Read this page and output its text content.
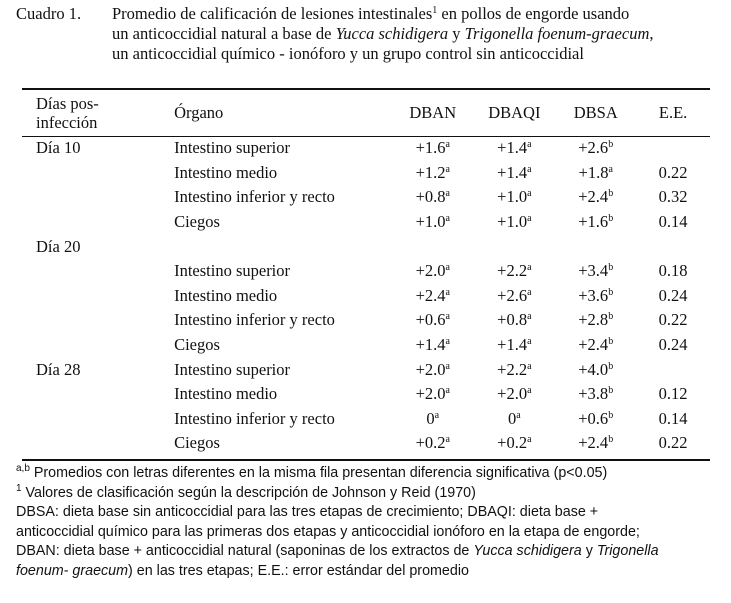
Cuadro 1.	Promedio de calificación de lesiones intestinales$^1$ en pollos de engorde usando
un anticoccidial natural a base de Yucca schidigera y Trigonella foenum-graecum,
un anticoccidial químico - ionóforo y un grupo control sin anticoccidial
Días pos-
infección	Órgano	DBAN	DBAQI	DBSA	E.E.
Día 10	Intestino superior	+1.6$^a$	+1.4$^a$	+2.6$^b$	
	Intestino medio	+1.2$^a$	+1.4$^a$	+1.8$^a$	0.22
	Intestino inferior y recto	+0.8$^a$	+1.0$^a$	+2.4$^b$	0.32
	Ciegos	+1.0$^a$	+1.0$^a$	+1.6$^b$	0.14
Día 20					
	Intestino superior	+2.0$^a$	+2.2$^a$	+3.4$^b$	0.18
	Intestino medio	+2.4$^a$	+2.6$^a$	+3.6$^b$	0.24
	Intestino inferior y recto	+0.6$^a$	+0.8$^a$	+2.8$^b$	0.22
	Ciegos	+1.4$^a$	+1.4$^a$	+2.4$^b$	0.24
Día 28	Intestino superior	+2.0$^a$	+2.2$^a$	+4.0$^b$	
	Intestino medio	+2.0$^a$	+2.0$^a$	+3.8$^b$	0.12
	Intestino inferior y recto	0$^a$	$0^a$	+0.6$^b$	0.14
	Ciegos	+0.2$^a$	+0.2$^a$	+2.4$^b$	0.22

$^{a,b}$ Promedios con letras diferentes en la misma fila presentan diferencia significativa (p<0.05)

$^1$ Valores de clasificación según la descripción de Johnson y Reid (1970)

DBSA: dieta base sin anticoccidial para las tres etapas de crecimiento; DBAQI: dieta base +
anticoccidial químico para las primeras dos etapas y anticoccidial ionóforo en la etapa de engorde;
DBAN: dieta base + anticoccidial natural (saponinas de los extractos de Yucca schidigera y Trigonella
foenum- graecum) en las tres etapas; E.E.: error estándar del promedio
